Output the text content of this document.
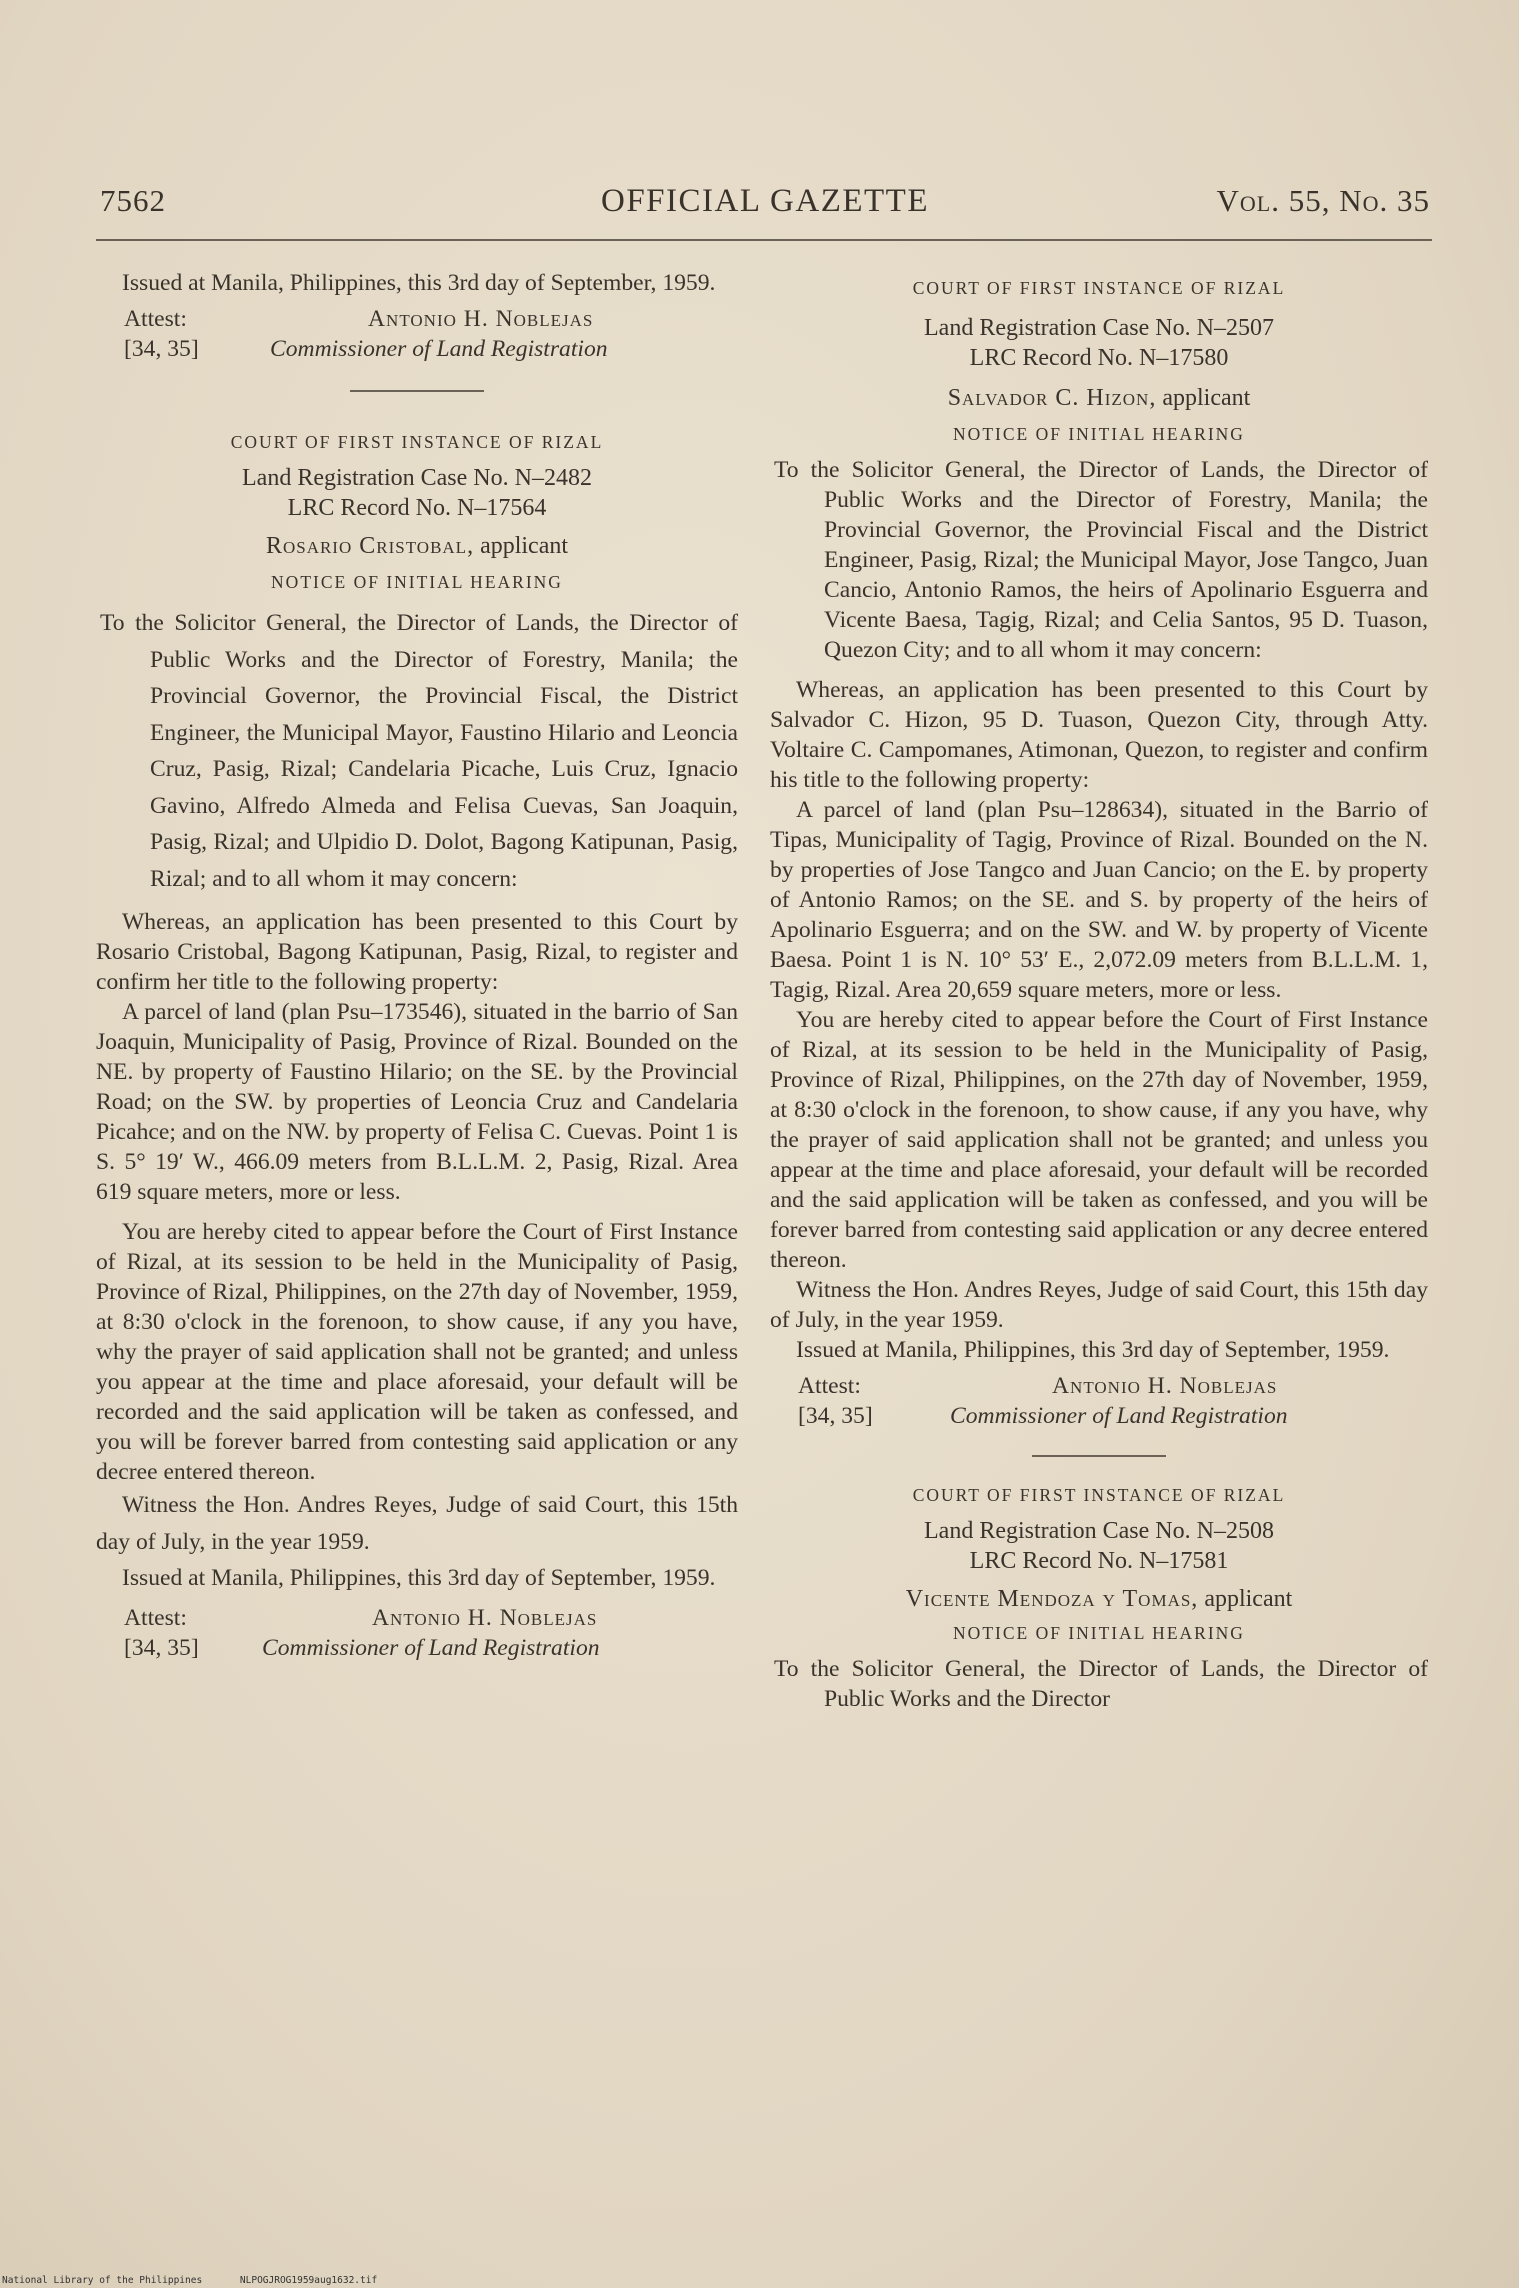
7562	OFFICIAL GAZETTE	Vol. 55, No. 35

Issued at Manila, Philippines, this 3rd day of September, 1959.

Attest:
[34, 35]
Antonio H. Noblejas
Commissioner of Land Registration

COURT OF FIRST INSTANCE OF RIZAL

Land Registration Case No. N–2482

LRC Record No. N–17564

Rosario Cristobal, applicant

NOTICE OF INITIAL HEARING

To the Solicitor General, the Director of Lands, the Director of Public Works and the Director of Forestry, Manila; the Provincial Governor, the Provincial Fiscal, the District Engineer, the Municipal Mayor, Faustino Hilario and Leoncia Cruz, Pasig, Rizal; Candelaria Picache, Luis Cruz, Ignacio Gavino, Alfredo Almeda and Felisa Cuevas, San Joaquin, Pasig, Rizal; and Ulpidio D. Dolot, Bagong Katipunan, Pasig, Rizal; and to all whom it may concern:

Whereas, an application has been presented to this Court by Rosario Cristobal, Bagong Katipunan, Pasig, Rizal, to register and confirm her title to the following property:

A parcel of land (plan Psu–173546), situated in the barrio of San Joaquin, Municipality of Pasig, Province of Rizal. Bounded on the NE. by property of Faustino Hilario; on the SE. by the Provincial Road; on the SW. by properties of Leoncia Cruz and Candelaria Picahce; and on the NW. by property of Felisa C. Cuevas. Point 1 is S. 5° 19′ W., 466.09 meters from B.L.L.M. 2, Pasig, Rizal. Area 619 square meters, more or less.

You are hereby cited to appear before the Court of First Instance of Rizal, at its session to be held in the Municipality of Pasig, Province of Rizal, Philippines, on the 27th day of November, 1959, at 8:30 o'clock in the forenoon, to show cause, if any you have, why the prayer of said application shall not be granted; and unless you appear at the time and place aforesaid, your default will be recorded and the said application will be taken as confessed, and you will be forever barred from contesting said application or any decree entered thereon.

Witness the Hon. Andres Reyes, Judge of said Court, this 15th day of July, in the year 1959.

Issued at Manila, Philippines, this 3rd day of September, 1959.

Attest:
[34, 35]
Antonio H. Noblejas
Commissioner of Land Registration

COURT OF FIRST INSTANCE OF RIZAL

Land Registration Case No. N–2507

LRC Record No. N–17580

Salvador C. Hizon, applicant

NOTICE OF INITIAL HEARING

To the Solicitor General, the Director of Lands, the Director of Public Works and the Director of Forestry, Manila; the Provincial Governor, the Provincial Fiscal and the District Engineer, Pasig, Rizal; the Municipal Mayor, Jose Tangco, Juan Cancio, Antonio Ramos, the heirs of Apolinario Esguerra and Vicente Baesa, Tagig, Rizal; and Celia Santos, 95 D. Tuason, Quezon City; and to all whom it may concern:

Whereas, an application has been presented to this Court by Salvador C. Hizon, 95 D. Tuason, Quezon City, through Atty. Voltaire C. Campomanes, Atimonan, Quezon, to register and confirm his title to the following property:

A parcel of land (plan Psu–128634), situated in the Barrio of Tipas, Municipality of Tagig, Province of Rizal. Bounded on the N. by properties of Jose Tangco and Juan Cancio; on the E. by property of Antonio Ramos; on the SE. and S. by property of the heirs of Apolinario Esguerra; and on the SW. and W. by property of Vicente Baesa. Point 1 is N. 10° 53′ E., 2,072.09 meters from B.L.L.M. 1, Tagig, Rizal. Area 20,659 square meters, more or less.

You are hereby cited to appear before the Court of First Instance of Rizal, at its session to be held in the Municipality of Pasig, Province of Rizal, Philippines, on the 27th day of November, 1959, at 8:30 o'clock in the forenoon, to show cause, if any you have, why the prayer of said application shall not be granted; and unless you appear at the time and place aforesaid, your default will be recorded and the said application will be taken as confessed, and you will be forever barred from contesting said application or any decree entered thereon.

Witness the Hon. Andres Reyes, Judge of said Court, this 15th day of July, in the year 1959.

Issued at Manila, Philippines, this 3rd day of September, 1959.

Attest:
[34, 35]
Antonio H. Noblejas
Commissioner of Land Registration

COURT OF FIRST INSTANCE OF RIZAL

Land Registration Case No. N–2508

LRC Record No. N–17581

Vicente Mendoza y Tomas, applicant

NOTICE OF INITIAL HEARING

To the Solicitor General, the Director of Lands, the Director of Public Works and the Director

National Library of the Philippines	NLPOGJROG1959aug1632.tif
